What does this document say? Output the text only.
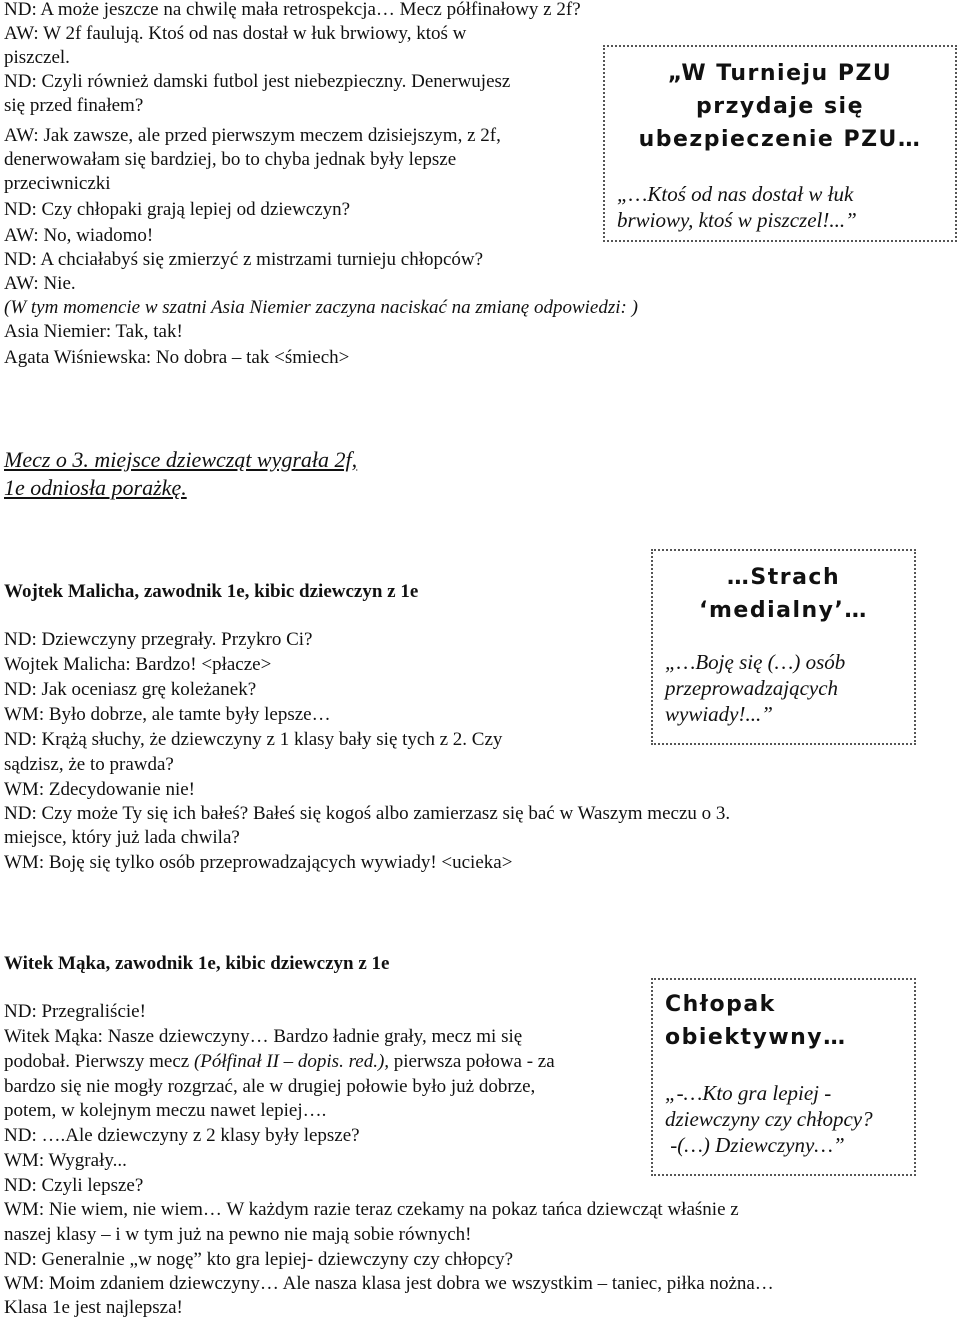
ND: A może jeszcze na chwilę mała retrospekcja… Mecz półfinałowy z 2f?
AW: W 2f faulują. Ktoś od nas dostał w łuk brwiowy, ktoś w
piszczel.
ND: Czyli również damski futbol jest niebezpieczny. Denerwujesz
się przed finałem?
AW: Jak zawsze, ale przed pierwszym meczem dzisiejszym, z 2f,
denerwowałam się bardziej, bo to chyba jednak były lepsze
przeciwniczki
ND: Czy chłopaki grają lepiej od dziewczyn?
AW: No, wiadomo!
ND: A chciałabyś się zmierzyć z mistrzami turnieju chłopców?
AW: Nie.
(W tym momencie w szatni Asia Niemier zaczyna naciskać na zmianę odpowiedzi: )
Asia Niemier: Tak, tak!
Agata Wiśniewska: No dobra – tak <śmiech>
„W Turnieju PZU
przydaje się
ubezpieczenie PZU…
„…Ktoś od nas dostał w łuk
brwiowy, ktoś w piszczel!...”
Mecz o 3. miejsce dziewcząt wygrała 2f,
1e odniosła porażkę.
Wojtek Malicha, zawodnik 1e, kibic dziewczyn z 1e
ND: Dziewczyny przegrały. Przykro Ci?
Wojtek Malicha: Bardzo! <płacze>
ND: Jak oceniasz grę koleżanek?
WM: Było dobrze, ale tamte były lepsze…
ND: Krążą słuchy, że dziewczyny z 1 klasy bały się tych z 2. Czy
sądzisz, że to prawda?
WM: Zdecydowanie nie!
ND: Czy może Ty się ich bałeś? Bałeś się kogoś albo zamierzasz się bać w Waszym meczu o 3.
miejsce, który już lada chwila?
WM: Boję się tylko osób przeprowadzających wywiady! <ucieka>
…Strach
‘medialny’…
„…Boję się (…) osób
przeprowadzających
wywiady!...”
Witek Mąka, zawodnik 1e, kibic dziewczyn z 1e
ND: Przegraliście!
Witek Mąka: Nasze dziewczyny… Bardzo ładnie grały, mecz mi się
podobał. Pierwszy mecz (Półfinał II – dopis. red.), pierwsza połowa - za
bardzo się nie mogły rozgrzać, ale w drugiej połowie było już dobrze,
potem, w kolejnym meczu nawet lepiej….
ND: ….Ale dziewczyny z 2 klasy były lepsze?
WM: Wygrały...
ND: Czyli lepsze?
WM: Nie wiem, nie wiem… W każdym razie teraz czekamy na pokaz tańca dziewcząt właśnie z
naszej klasy – i w tym już na pewno nie mają sobie równych!
ND: Generalnie „w nogę” kto gra lepiej- dziewczyny czy chłopcy?
WM: Moim zdaniem dziewczyny… Ale nasza klasa jest dobra we wszystkim – taniec, piłka nożna…
Klasa 1e jest najlepsza!
Chłopak
obiektywny…
„-…Kto gra lepiej -
dziewczyny czy chłopcy?
-(…) Dziewczyny…”
